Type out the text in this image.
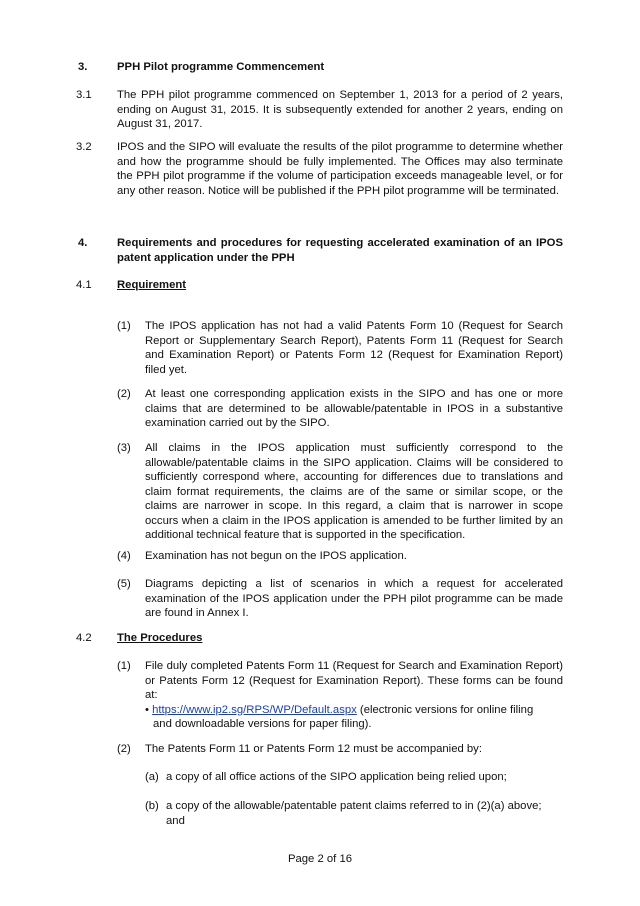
3.	PPH Pilot programme Commencement
3.1 The PPH pilot programme commenced on September 1, 2013 for a period of 2 years, ending on August 31, 2015. It is subsequently extended for another 2 years, ending on August 31, 2017.
3.2 IPOS and the SIPO will evaluate the results of the pilot programme to determine whether and how the programme should be fully implemented. The Offices may also terminate the PPH pilot programme if the volume of participation exceeds manageable level, or for any other reason. Notice will be published if the PPH pilot programme will be terminated.
4.	Requirements and procedures for requesting accelerated examination of an IPOS patent application under the PPH
4.1 Requirement
(1) The IPOS application has not had a valid Patents Form 10 (Request for Search Report or Supplementary Search Report), Patents Form 11 (Request for Search and Examination Report) or Patents Form 12 (Request for Examination Report) filed yet.
(2) At least one corresponding application exists in the SIPO and has one or more claims that are determined to be allowable/patentable in IPOS in a substantive examination carried out by the SIPO.
(3) All claims in the IPOS application must sufficiently correspond to the allowable/patentable claims in the SIPO application. Claims will be considered to sufficiently correspond where, accounting for differences due to translations and claim format requirements, the claims are of the same or similar scope, or the claims are narrower in scope. In this regard, a claim that is narrower in scope occurs when a claim in the IPOS application is amended to be further limited by an additional technical feature that is supported in the specification.
(4) Examination has not begun on the IPOS application.
(5) Diagrams depicting a list of scenarios in which a request for accelerated examination of the IPOS application under the PPH pilot programme can be made are found in Annex I.
4.2 The Procedures
(1) File duly completed Patents Form 11 (Request for Search and Examination Report) or Patents Form 12 (Request for Examination Report). These forms can be found at:
• https://www.ip2.sg/RPS/WP/Default.aspx (electronic versions for online filing
and downloadable versions for paper filing).
(2) The Patents Form 11 or Patents Form 12 must be accompanied by:
(a) a copy of all office actions of the SIPO application being relied upon;
(b) a copy of the allowable/patentable patent claims referred to in (2)(a) above;
and
Page 2 of 16
